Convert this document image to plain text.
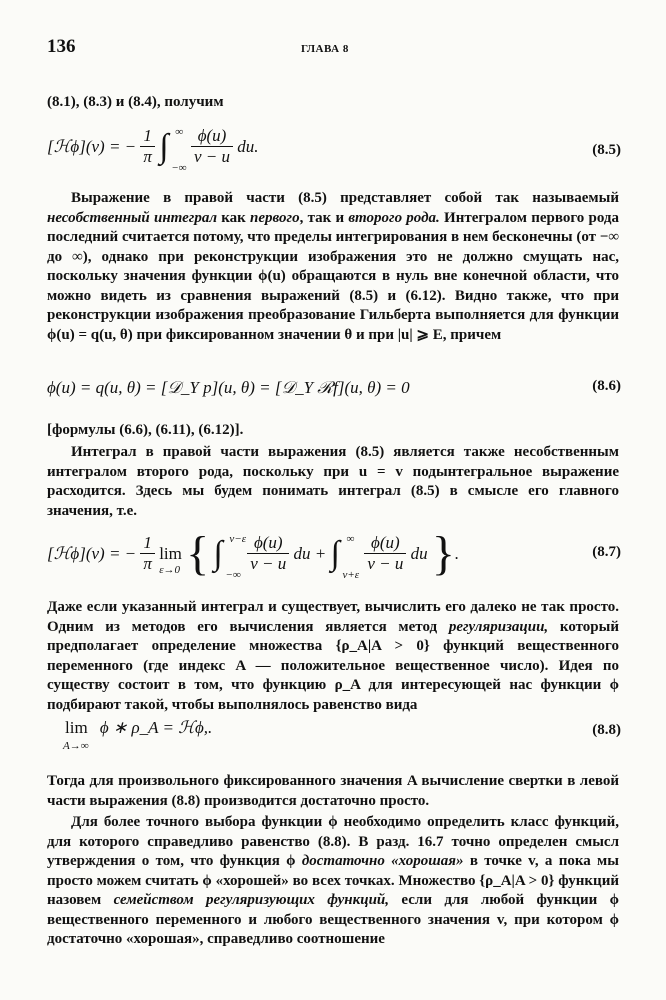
136	ГЛАВА 8

(8.1), (8.3) и (8.4), получим

[ℋϕ](v) = − $\frac{1}{\pi}$ ∫ ∞
−∞

$\frac{\phi(u)}{v - u}$ du.	(8.5)

Выражение в правой части (8.5) представляет собой так называемый несобственный интеграл как первого, так и второго рода. Интегралом первого рода последний считается потому, что пределы интегрирования в нем бесконечны (от −∞ до ∞), однако при реконструкции изображения это не должно смущать нас, поскольку значения функции ϕ(u) обращаются в нуль вне конечной области, что можно видеть из сравнения выражений (8.5) и (6.12). Видно также, что при реконструкции изображения преобразование Гильберта выполняется для функции ϕ(u) = q(u, θ) при фиксированном значении θ и при |u| ⩾ E, причем

ϕ(u) = q(u, θ) = [𝒟_Y p](u, θ) = [𝒟_Y ℛf](u, θ) = 0	(8.6)

[формулы (6.6), (6.11), (6.12)].

Интеграл в правой части выражения (8.5) является также несобственным интегралом второго рода, поскольку при u = v подынтегральное выражение расходится. Здесь мы будем понимать интеграл (8.5) в смысле его главного значения, т.е.

[ℋϕ](v) = − $\frac{1}{\pi}$ lim
ε→0 { ∫ v−ε
−∞

$\frac{\phi(u)}{v - u}$ du + ∫ ∞
v+ε

$\frac{\phi(u)}{v - u}$ du }.	(8.7)

Даже если указанный интеграл и существует, вычислить его далеко не так просто. Одним из методов его вычисления является метод регуляризации, который предполагает определение множества {ρ_A|A > 0} функций вещественного переменного (где индекс A — положительное вещественное число). Идея по существу состоит в том, что функцию ρ_A для интересующей нас функции ϕ подбирают такой, чтобы выполнялось равенство вида

lim
A→∞
ϕ ∗ ρ_A = ℋϕ,.	(8.8)

Тогда для произвольного фиксированного значения A вычисление свертки в левой части выражения (8.8) производится достаточно просто.

Для более точного выбора функции ϕ необходимо определить класс функций, для которого справедливо равенство (8.8). В разд. 16.7 точно определен смысл утверждения о том, что функция ϕ достаточно «хорошая» в точке v, а пока мы просто можем считать ϕ «хорошей» во всех точках. Множество {ρ_A|A > 0} функций назовем семейством регуляризующих функций, если для любой функции ϕ вещественного переменного и любого вещественного значения v, при котором ϕ достаточно «хорошая», справедливо соотношение
